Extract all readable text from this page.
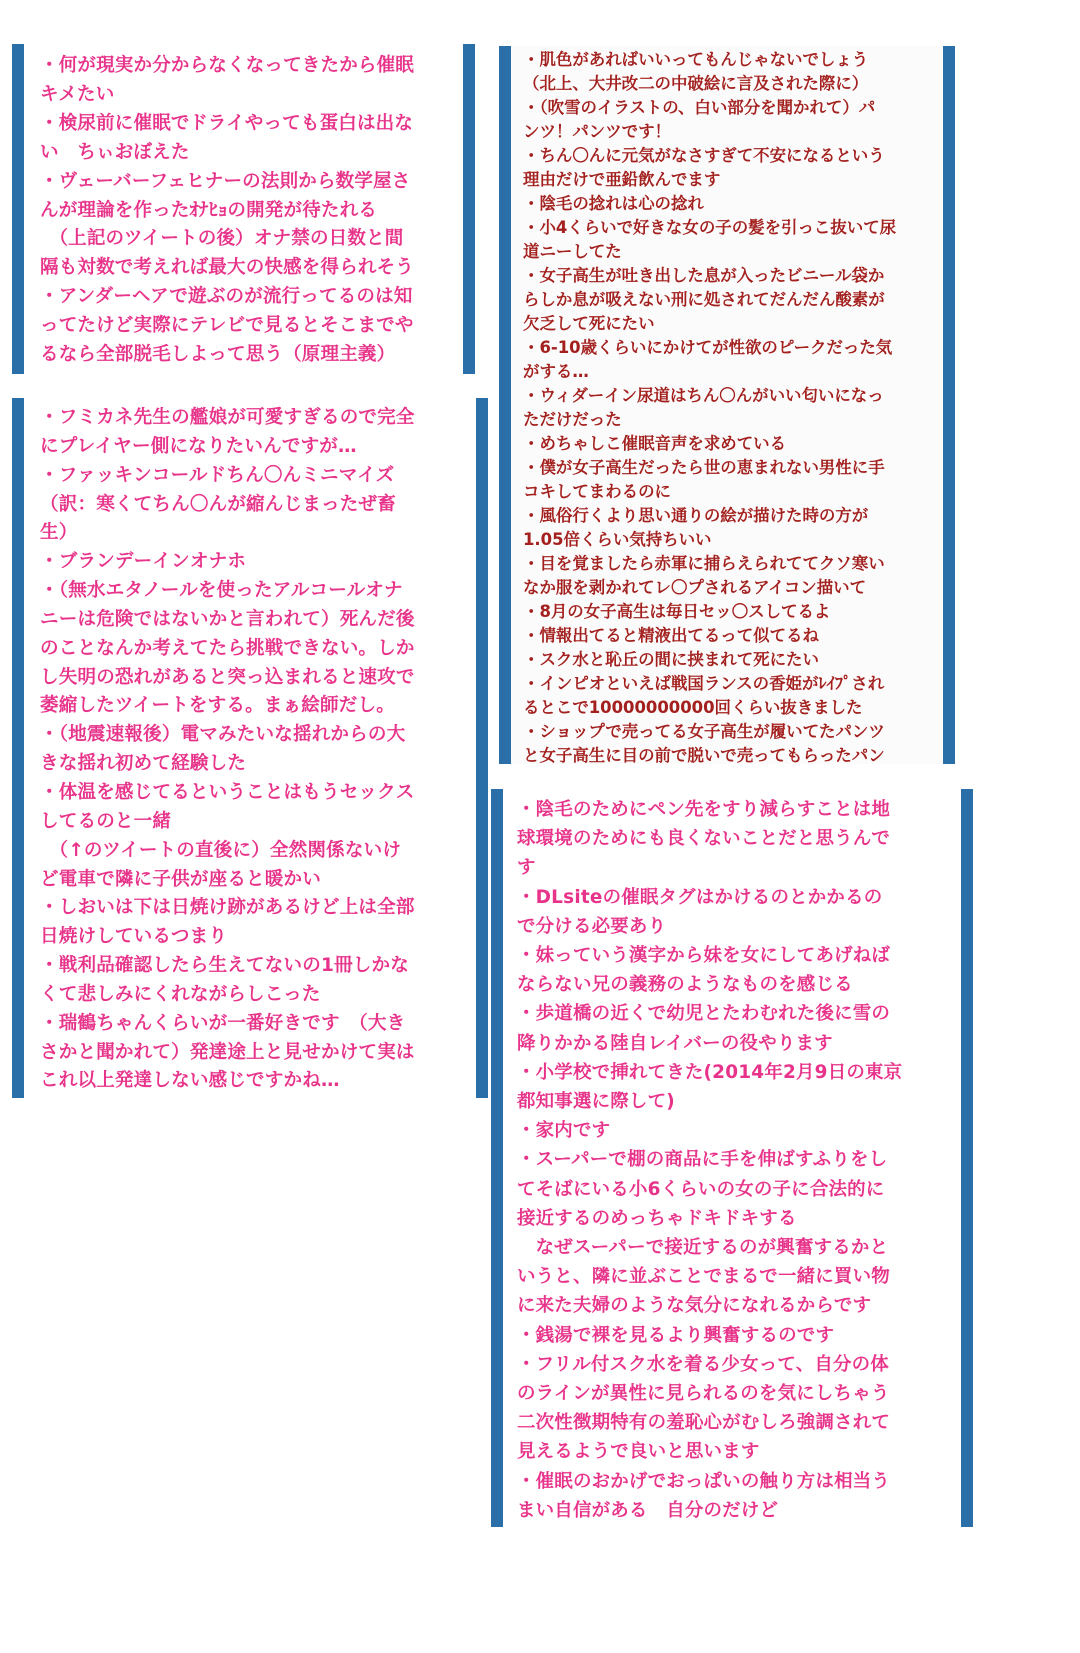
・何が現実か分からなくなってきたから催眠
キメたい
・検尿前に催眠でドライやっても蛋白は出な
い　ちぃおぼえた
・ヴェーバーフェヒナーの法則から数学屋さ
んが理論を作ったｵﾅﾋｮの開発が待たれる
　（上記のツイートの後）オナ禁の日数と間
隔も対数で考えれば最大の快感を得られそう
・アンダーヘアで遊ぶのが流行ってるのは知
ってたけど実際にテレビで見るとそこまでや
るなら全部脱毛しよって思う（原理主義）
・フミカネ先生の艦娘が可愛すぎるので完全
にプレイヤー側になりたいんですが…
・ファッキンコールドちん〇んミニマイズ
（訳：寒くてちん〇んが縮んじまったぜ畜
生）
・ブランデーインオナホ
・（無水エタノールを使ったアルコールオナ
ニーは危険ではないかと言われて）死んだ後
のことなんか考えてたら挑戦できない。しか
し失明の恐れがあると突っ込まれると速攻で
萎縮したツイートをする。まぁ絵師だし。
・（地震速報後）電マみたいな揺れからの大
きな揺れ初めて経験した
・体温を感じてるということはもうセックス
してるのと一緒
　（↑のツイートの直後に）全然関係ないけ
ど電車で隣に子供が座ると暖かい
・しおいは下は日焼け跡があるけど上は全部
日焼けしているつまり
・戦利品確認したら生えてないの1冊しかな
くて悲しみにくれながらしこった
・瑞鶴ちゃんくらいが一番好きです　（大き
さかと聞かれて）発達途上と見せかけて実は
これ以上発達しない感じですかね…
・肌色があればいいってもんじゃないでしょう
（北上、大井改二の中破絵に言及された際に）
・（吹雪のイラストの、白い部分を聞かれて）パ
ンツ！パンツです！
・ちん〇んに元気がなさすぎて不安になるという
理由だけで亜鉛飲んでます
・陰毛の捻れは心の捻れ
・小4くらいで好きな女の子の髪を引っこ抜いて尿
道ニーしてた
・女子高生が吐き出した息が入ったビニール袋か
らしか息が吸えない刑に処されてだんだん酸素が
欠乏して死にたい
・6-10歳くらいにかけてが性欲のピークだった気
がする…
・ウィダーイン尿道はちん〇んがいい匂いになっ
ただけだった
・めちゃしこ催眠音声を求めている
・僕が女子高生だったら世の恵まれない男性に手
コキしてまわるのに
・風俗行くより思い通りの絵が描けた時の方が
1.05倍くらい気持ちいい
・目を覚ましたら赤軍に捕らえられててクソ寒い
なか服を剥かれてレ〇プされるアイコン描いて
・8月の女子高生は毎日セッ〇スしてるよ
・情報出てると精液出てるって似てるね
・スク水と恥丘の間に挟まれて死にたい
・インピオといえば戦国ランスの香姫がﾚｲﾌﾟされ
るとこで10000000000回くらい抜きました
・ショップで売ってる女子高生が履いてたパンツ
と女子高生に目の前で脱いで売ってもらったパン
・陰毛のためにペン先をすり減らすことは地
球環境のためにも良くないことだと思うんで
す
・DLsiteの催眠タグはかけるのとかかるの
で分ける必要あり
・妹っていう漢字から妹を女にしてあげねば
ならない兄の義務のようなものを感じる
・歩道橋の近くで幼児とたわむれた後に雪の
降りかかる陸自レイバーの役やります
・小学校で挿れてきた(2014年2月9日の東京
都知事選に際して)
・家内です
・スーパーで棚の商品に手を伸ばすふりをし
てそばにいる小6くらいの女の子に合法的に
接近するのめっちゃドキドキする
　なぜスーパーで接近するのが興奮するかと
いうと、隣に並ぶことでまるで一緒に買い物
に来た夫婦のような気分になれるからです
・銭湯で裸を見るより興奮するのです
・フリル付スク水を着る少女って、自分の体
のラインが異性に見られるのを気にしちゃう
二次性徴期特有の羞恥心がむしろ強調されて
見えるようで良いと思います
・催眠のおかげでおっぱいの触り方は相当う
まい自信がある　自分のだけど
